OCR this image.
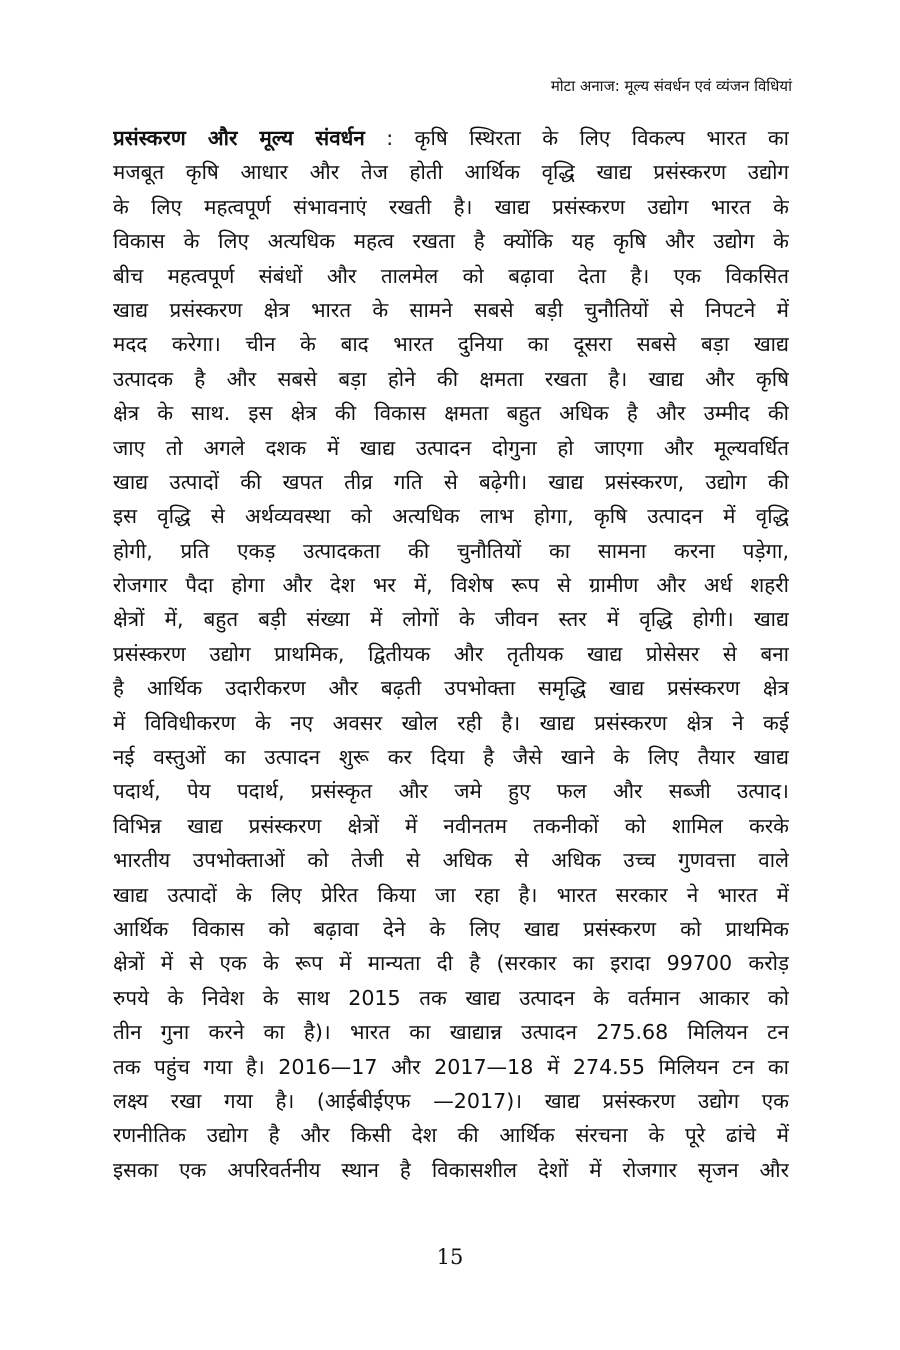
मोटा अनाज: मूल्य संवर्धन एवं व्यंजन विधियां
प्रसंस्करण और मूल्य संवर्धन : कृषि स्थिरता के लिए विकल्प भारत का
मजबूत कृषि आधार और तेज होती आर्थिक वृद्धि खाद्य प्रसंस्करण उद्योग
के लिए महत्वपूर्ण संभावनाएं रखती है। खाद्य प्रसंस्करण उद्योग भारत के
विकास के लिए अत्यधिक महत्व रखता है क्योंकि यह कृषि और उद्योग के
बीच महत्वपूर्ण संबंधों और तालमेल को बढ़ावा देता है। एक विकसित
खाद्य प्रसंस्करण क्षेत्र भारत के सामने सबसे बड़ी चुनौतियों से निपटने में
मदद करेगा। चीन के बाद भारत दुनिया का दूसरा सबसे बड़ा खाद्य
उत्पादक है और सबसे बड़ा होने की क्षमता रखता है। खाद्य और कृषि
क्षेत्र के साथ. इस क्षेत्र की विकास क्षमता बहुत अधिक है और उम्मीद की
जाए तो अगले दशक में खाद्य उत्पादन दोगुना हो जाएगा और मूल्यवर्धित
खाद्य उत्पादों की खपत तीव्र गति से बढ़ेगी। खाद्य प्रसंस्करण, उद्योग की
इस वृद्धि से अर्थव्यवस्था को अत्यधिक लाभ होगा, कृषि उत्पादन में वृद्धि
होगी, प्रति एकड़ उत्पादकता की चुनौतियों का सामना करना पड़ेगा,
रोजगार पैदा होगा और देश भर में, विशेष रूप से ग्रामीण और अर्ध शहरी
क्षेत्रों में, बहुत बड़ी संख्या में लोगों के जीवन स्तर में वृद्धि होगी। खाद्य
प्रसंस्करण उद्योग प्राथमिक, द्वितीयक और तृतीयक खाद्य प्रोसेसर से बना
है आर्थिक उदारीकरण और बढ़ती उपभोक्ता समृद्धि खाद्य प्रसंस्करण क्षेत्र
में विविधीकरण के नए अवसर खोल रही है। खाद्य प्रसंस्करण क्षेत्र ने कई
नई वस्तुओं का उत्पादन शुरू कर दिया है जैसे खाने के लिए तैयार खाद्य
पदार्थ, पेय पदार्थ, प्रसंस्कृत और जमे हुए फल और सब्जी उत्पाद।
विभिन्न खाद्य प्रसंस्करण क्षेत्रों में नवीनतम तकनीकों को शामिल करके
भारतीय उपभोक्ताओं को तेजी से अधिक से अधिक उच्च गुणवत्ता वाले
खाद्य उत्पादों के लिए प्रेरित किया जा रहा है। भारत सरकार ने भारत में
आर्थिक विकास को बढ़ावा देने के लिए खाद्य प्रसंस्करण को प्राथमिक
क्षेत्रों में से एक के रूप में मान्यता दी है (सरकार का इरादा 99700 करोड़
रुपये के निवेश के साथ 2015 तक खाद्य उत्पादन के वर्तमान आकार को
तीन गुना करने का है)। भारत का खाद्यान्न उत्पादन 275.68 मिलियन टन
तक पहुंच गया है। 2016—17 और 2017—18 में 274.55 मिलियन टन का
लक्ष्य रखा गया है। (आईबीईएफ —2017)। खाद्य प्रसंस्करण उद्योग एक
रणनीतिक उद्योग है और किसी देश की आर्थिक संरचना के पूरे ढांचे में
इसका एक अपरिवर्तनीय स्थान है विकासशील देशों में रोजगार सृजन और
15
